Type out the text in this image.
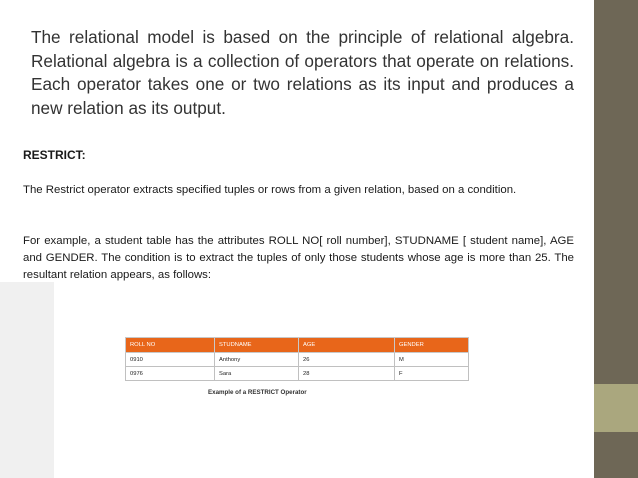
The relational model is based on the principle of relational algebra. Relational algebra is a collection of operators that operate on relations. Each operator takes one or two relations as its input and produces a new relation as its output.
RESTRICT:
The Restrict operator extracts specified tuples or rows from a given relation, based on a condition.
For example, a student table has the attributes ROLL NO[ roll number], STUDNAME [ student name], AGE and GENDER. The condition is to extract the tuples of only those students whose age is more than 25. The resultant relation appears, as follows:
ROLL NO	STUDNAME	AGE	GENDER
0910	Anthony	26	M
0976	Sara	28	F
Example of a RESTRICT Operator
